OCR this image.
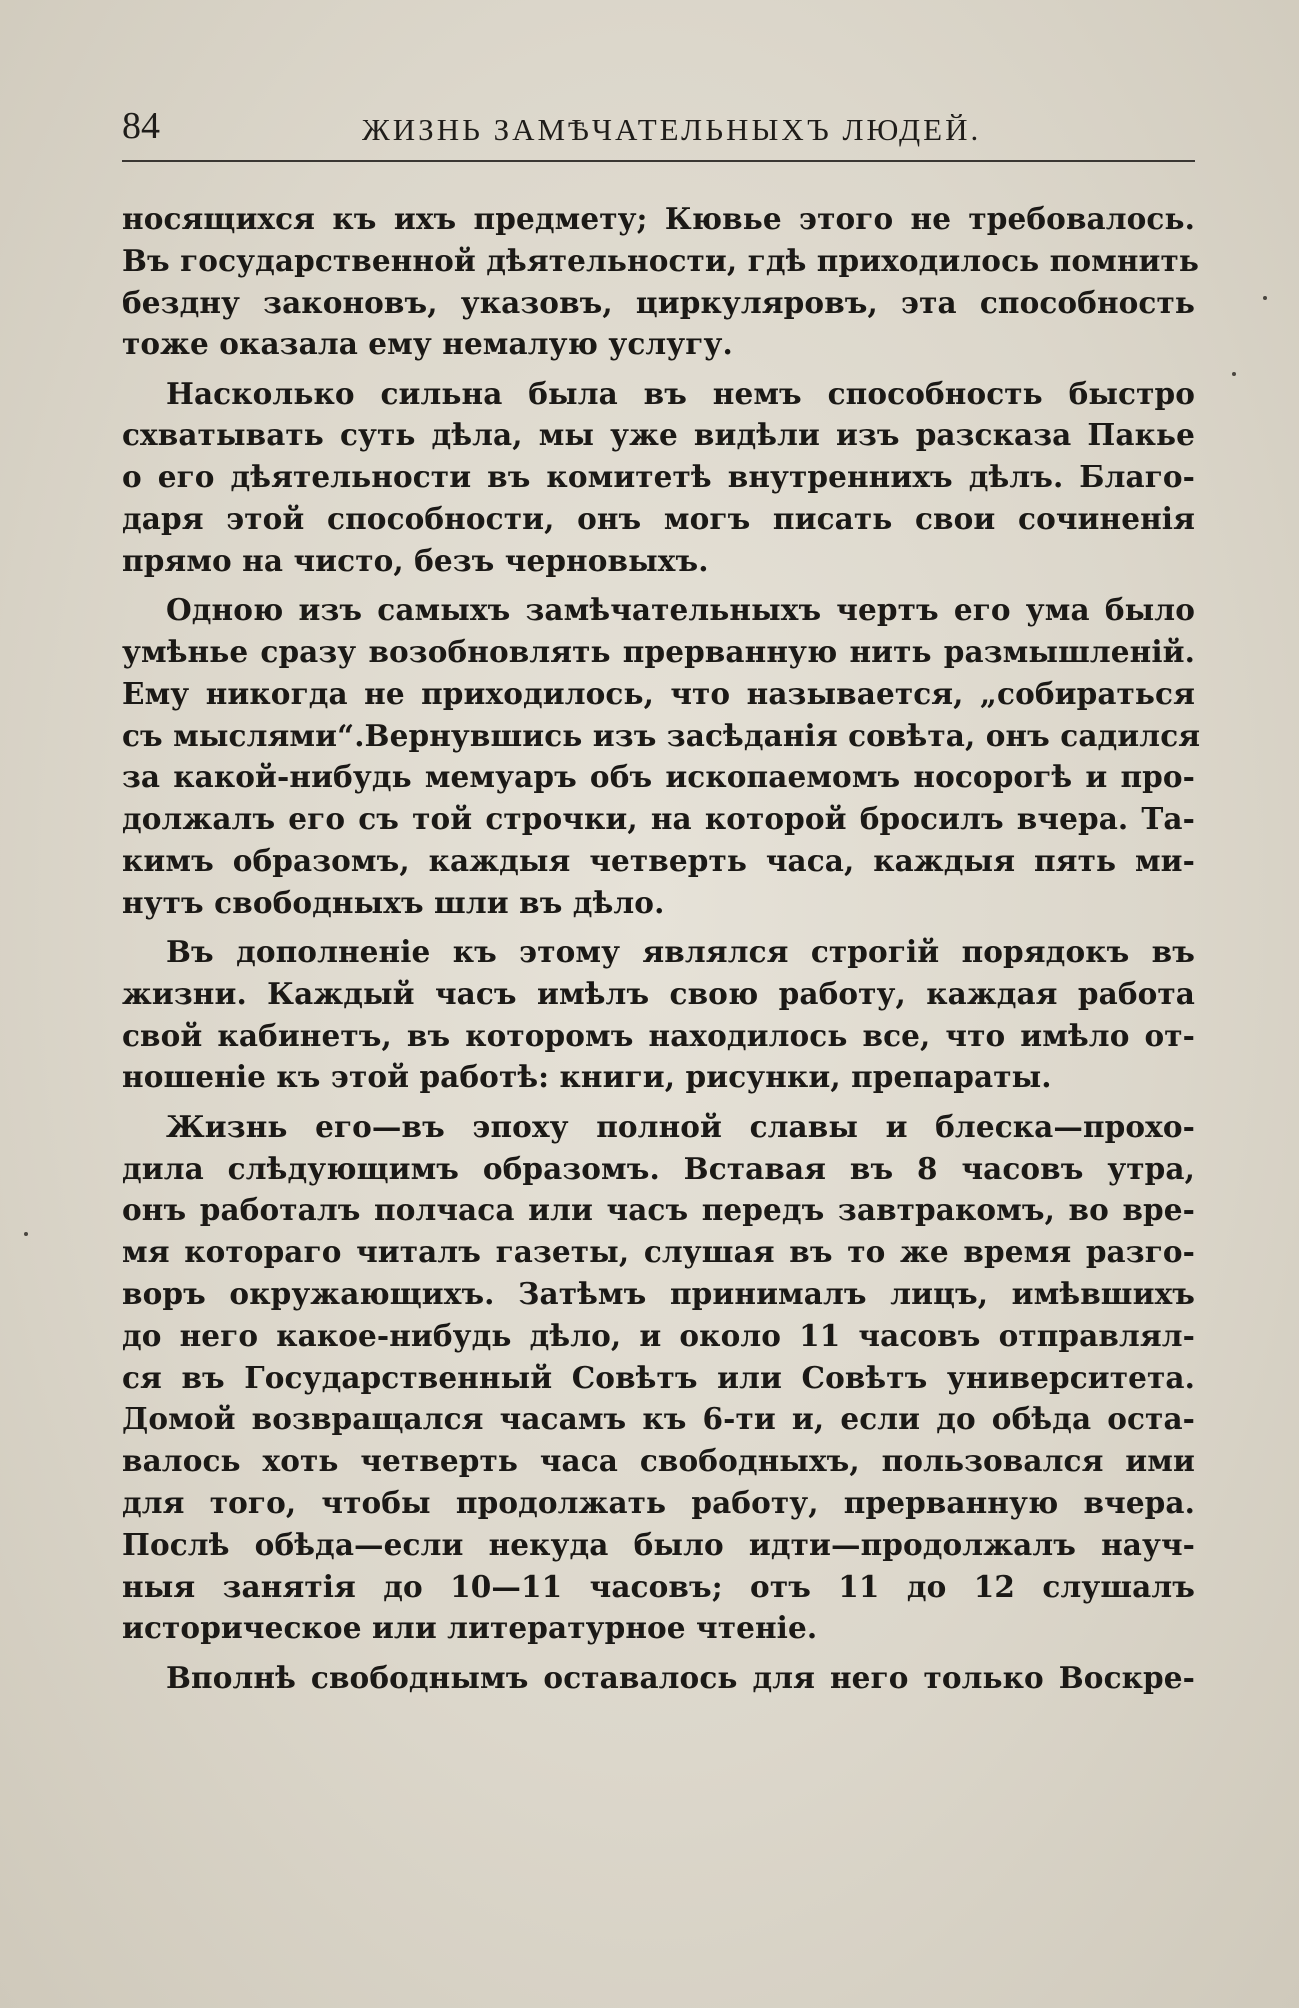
84	ЖИЗНЬ ЗАМѢЧАТЕЛЬНЫХЪ ЛЮДЕЙ.
носящихся къ ихъ предмету; Кювье этого не требовалось.
Въ государственной дѣятельности, гдѣ приходилось помнить
бездну законовъ, указовъ, циркуляровъ, эта способность
тоже оказала ему немалую услугу.
Насколько сильна была въ немъ способность быстро
схватывать суть дѣла, мы уже видѣли изъ разсказа Пакье
о его дѣятельности въ комитетѣ внутреннихъ дѣлъ. Благо-
даря этой способности, онъ могъ писать свои сочиненія
прямо на чисто, безъ черновыхъ.
Одною изъ самыхъ замѣчательныхъ чертъ его ума было
умѣнье сразу возобновлять прерванную нить размышленій.
Ему никогда не приходилось, что называется, „собираться
съ мыслями“.Вернувшись изъ засѣданія совѣта, онъ садился
за какой-нибудь мемуаръ объ ископаемомъ носорогѣ и про-
должалъ его съ той строчки, на которой бросилъ вчера. Та-
кимъ образомъ, каждыя четверть часа, каждыя пять ми-
нутъ свободныхъ шли въ дѣло.
Въ дополненіе къ этому являлся строгій порядокъ въ
жизни. Каждый часъ имѣлъ свою работу, каждая работа
свой кабинетъ, въ которомъ находилось все, что имѣло от-
ношеніе къ этой работѣ: книги, рисунки, препараты.
Жизнь его—въ эпоху полной славы и блеска—прохо-
дила слѣдующимъ образомъ. Вставая въ 8 часовъ утра,
онъ работалъ полчаса или часъ передъ завтракомъ, во вре-
мя котораго читалъ газеты, слушая въ то же время разго-
воръ окружающихъ. Затѣмъ принималъ лицъ, имѣвшихъ
до него какое-нибудь дѣло, и около 11 часовъ отправлял-
ся въ Государственный Совѣтъ или Совѣтъ университета.
Домой возвращался часамъ къ 6-ти и, если до обѣда оста-
валось хоть четверть часа свободныхъ, пользовался ими
для того, чтобы продолжать работу, прерванную вчера.
Послѣ обѣда—если некуда было идти—продолжалъ науч-
ныя занятія до 10—11 часовъ; отъ 11 до 12 слушалъ
историческое или литературное чтеніе.
Вполнѣ свободнымъ оставалось для него только Воскре-
